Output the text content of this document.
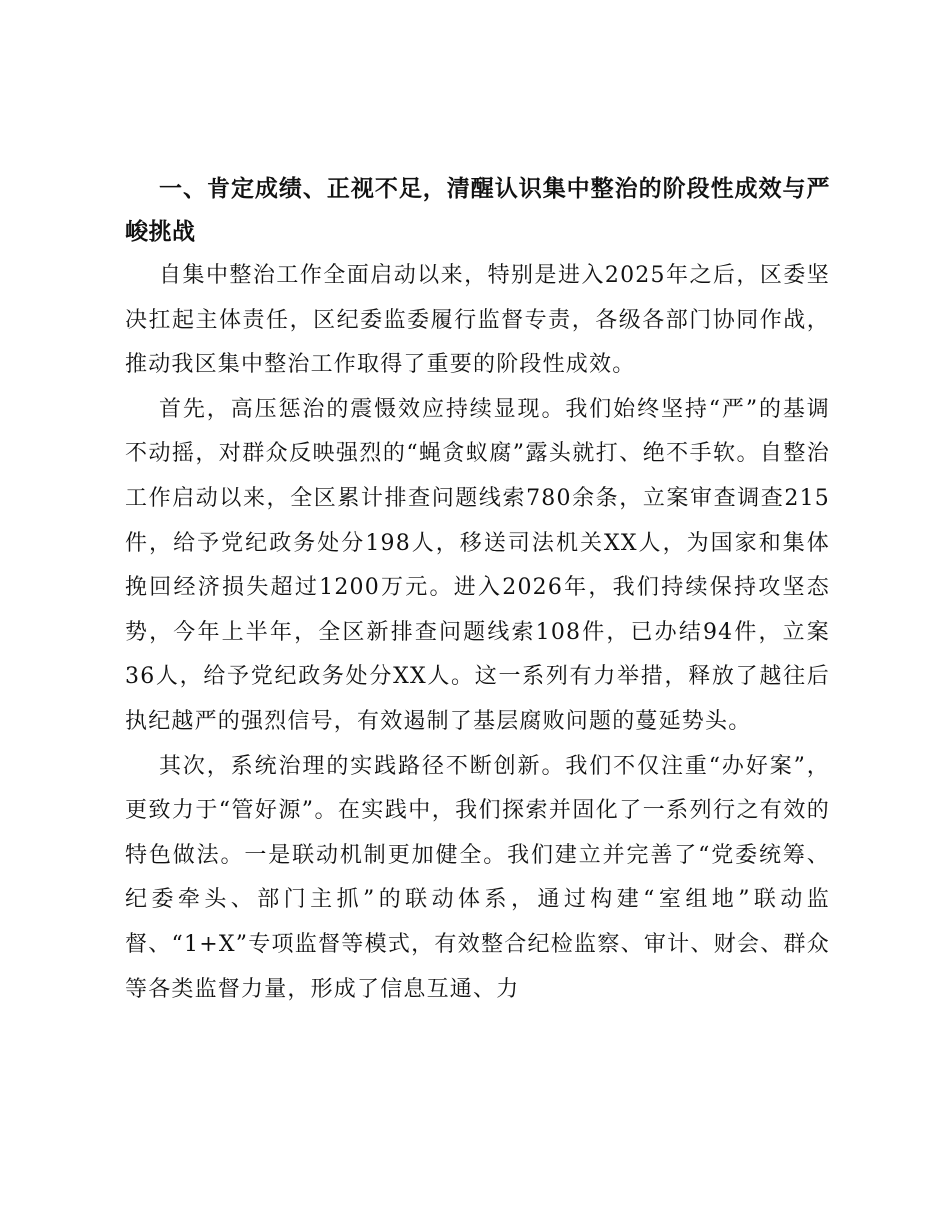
一、肯定成绩、正视不足，清醒认识集中整治的阶段性成效与严峻挑战

自集中整治工作全面启动以来，特别是进入2025年之后，区委坚决扛起主体责任，区纪委监委履行监督专责，各级各部门协同作战，推动我区集中整治工作取得了重要的阶段性成效。

首先，高压惩治的震慑效应持续显现。我们始终坚持“严”的基调不动摇，对群众反映强烈的“蝇贪蚁腐”露头就打、绝不手软。自整治工作启动以来，全区累计排查问题线索780余条，立案审查调查215件，给予党纪政务处分198人，移送司法机关XX人，为国家和集体挽回经济损失超过1200万元。进入2026年，我们持续保持攻坚态势，今年上半年，全区新排查问题线索108件，已办结94件，立案36人，给予党纪政务处分XX人。这一系列有力举措，释放了越往后执纪越严的强烈信号，有效遏制了基层腐败问题的蔓延势头。

其次，系统治理的实践路径不断创新。我们不仅注重“办好案”，更致力于“管好源”。在实践中，我们探索并固化了一系列行之有效的特色做法。一是联动机制更加健全。我们建立并完善了“党委统筹、纪委牵头、部门主抓”的联动体系，通过构建“室组地”联动监督、“1+X”专项监督等模式，有效整合纪检监察、审计、财会、群众等各类监督力量，形成了信息互通、力
